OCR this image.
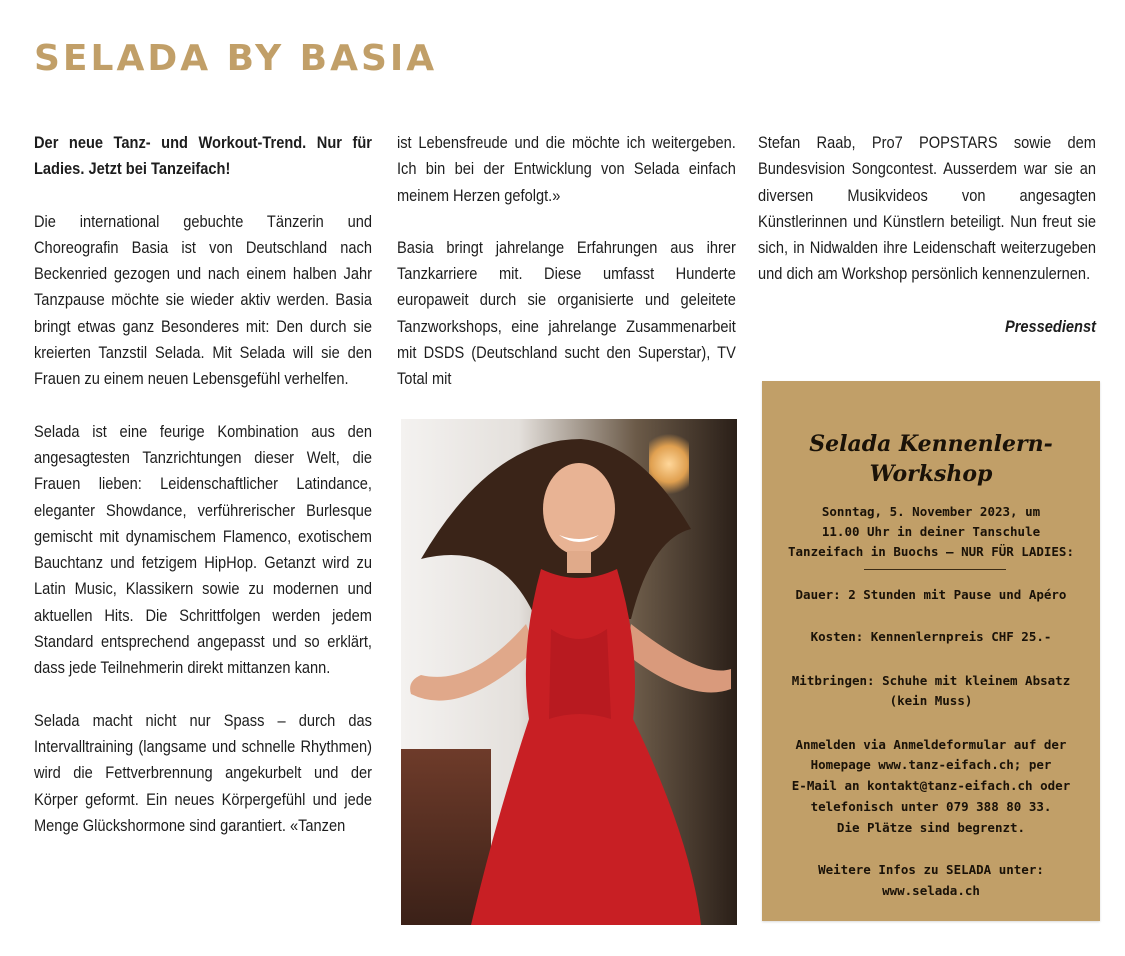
SELADA BY BASIA

Der neue Tanz- und Workout-Trend. Nur für Ladies. Jetzt bei Tanzeifach!

Die international gebuchte Tänzerin und Choreografin Basia ist von Deutschland nach Beckenried gezogen und nach einem halben Jahr Tanzpause möchte sie wieder aktiv werden. Basia bringt etwas ganz Besonderes mit: Den durch sie kreierten Tanzstil Selada. Mit Selada will sie den Frauen zu einem neuen Lebensgefühl verhelfen.

Selada ist eine feurige Kombination aus den angesagtesten Tanzrichtungen dieser Welt, die Frauen lieben: Leidenschaftlicher Latindance, eleganter Showdance, verführerischer Burlesque gemischt mit dynamischem Flamenco, exotischem Bauchtanz und fetzigem HipHop. Getanzt wird zu Latin Music, Klassikern sowie zu modernen und aktuellen Hits. Die Schrittfolgen werden jedem Standard entsprechend angepasst und so erklärt, dass jede Teilnehmerin direkt mittanzen kann.

Selada macht nicht nur Spass – durch das Intervalltraining (langsame und schnelle Rhythmen) wird die Fettverbrennung angekurbelt und der Körper geformt. Ein neues Körpergefühl und jede Menge Glückshormone sind garantiert. «Tanzen

ist Lebensfreude und die möchte ich weitergeben. Ich bin bei der Entwicklung von Selada einfach meinem Herzen gefolgt.»

Basia bringt jahrelange Erfahrungen aus ihrer Tanzkarriere mit. Diese umfasst Hunderte europaweit durch sie organisierte und geleitete Tanzworkshops, eine jahrelange Zusammenarbeit mit DSDS (Deutschland sucht den Superstar), TV Total mit

Stefan Raab, Pro7 POPSTARS sowie dem Bundesvision Songcontest. Ausserdem war sie an diversen Musikvideos von angesagten Künstlerinnen und Künstlern beteiligt. Nun freut sie sich, in Nidwalden ihre Leidenschaft weiterzugeben und dich am Workshop persönlich kennenzulernen.

Pressedienst
Selada Kennenlern-
Workshop
Sonntag, 5. November 2023, um
11.00 Uhr in deiner Tanschule
Tanzeifach in Buochs – NUR FÜR LADIES:
Dauer: 2 Stunden mit Pause und Apéro
Kosten: Kennenlernpreis CHF 25.-
Mitbringen: Schuhe mit kleinem Absatz
(kein Muss)
Anmelden via Anmeldeformular auf der
Homepage www.tanz-eifach.ch; per
E-Mail an kontakt@tanz-eifach.ch oder
telefonisch unter 079 388 80 33.
Die Plätze sind begrenzt.
Weitere Infos zu SELADA unter:
www.selada.ch
